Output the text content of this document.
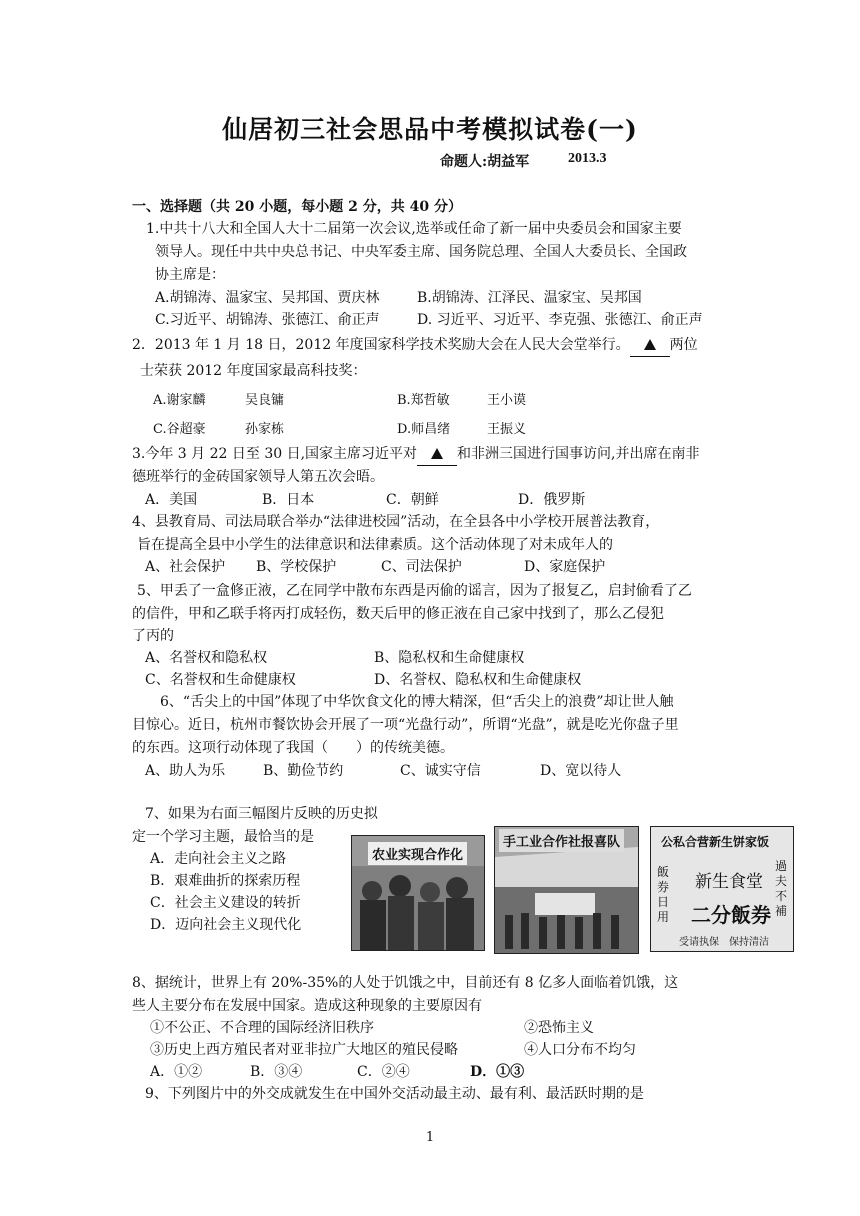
仙居初三社会思品中考模拟试卷(一)
命题人:胡益军	2013.3
一、选择题（共 20 小题，每小题 2 分，共 40 分）
1.中共十八大和全国人大十二届第一次会议,选举或任命了新一届中央委员会和国家主要
领导人。现任中共中央总书记、中央军委主席、国务院总理、全国人大委员长、全国政
协主席是：
A.胡锦涛、温家宝、吴邦国、贾庆林	B.胡锦涛、江泽民、温家宝、吴邦国
C.习近平、胡锦涛、张德江、俞正声	D. 习近平、习近平、李克强、张德江、俞正声
2．2013 年 1 月 18 日，2012 年度国家科学技术奖励大会在人民大会堂举行。	两位
士荣获 2012 年度国家最高科技奖：
A.谢家麟	吴良镛	B.郑哲敏	王小谟
C.谷超豪	孙家栋	D.师昌绪	王振义
3.今年 3 月 22 日至 30 日,国家主席习近平对	和非洲三国进行国事访问,并出席在南非
德班举行的金砖国家领导人第五次会晤。
A．美国	B．日本	C．朝鲜	D．俄罗斯
4、县教育局、司法局联合举办“法律进校园”活动，在全县各中小学校开展普法教育，
旨在提高全县中小学生的法律意识和法律素质。这个活动体现了对未成年人的
A、社会保护 B、学校保护	C、司法保护	D、家庭保护
5、甲丢了一盒修正液，乙在同学中散布东西是丙偷的谣言，因为了报复乙，启封偷看了乙
的信件，甲和乙联手将丙打成轻伤，数天后甲的修正液在自己家中找到了，那么乙侵犯
了丙的
A、名誉权和隐私权	B、隐私权和生命健康权
C、名誉权和生命健康权	D、名誉权、隐私权和生命健康权
6、“舌尖上的中国”体现了中华饮食文化的博大精深，但“舌尖上的浪费”却让世人触
目惊心。近日，杭州市餐饮协会开展了一项“光盘行动”，所谓“光盘”，就是吃光你盘子里
的东西。这项行动体现了我国（　　）的传统美德。
A、助人为乐	B、勤俭节约	C、诚实守信	D、宽以待人
7、如果为右面三幅图片反映的历史拟
定一个学习主题，最恰当的是
A．走向社会主义之路
B．艰难曲折的探索历程
C．社会主义建设的转折
D．迈向社会主义现代化
农业实现合作化
手工业合作社报喜队	公私合营新生饼家饭
新生食堂
二分飯券
飯券日用
過夫不補
受请执保　保持清洁
8、据统计，世界上有 20%-35%的人处于饥饿之中，目前还有 8 亿多人面临着饥饿，这
些人主要分布在发展中国家。造成这种现象的主要原因有
①不公正、不合理的国际经济旧秩序	②恐怖主义
③历史上西方殖民者对亚非拉广大地区的殖民侵略	④人口分布不均匀
A．①②	B．③④	C．②④	D．①③
9、下列图片中的外交成就发生在中国外交活动最主动、最有利、最活跃时期的是
1
